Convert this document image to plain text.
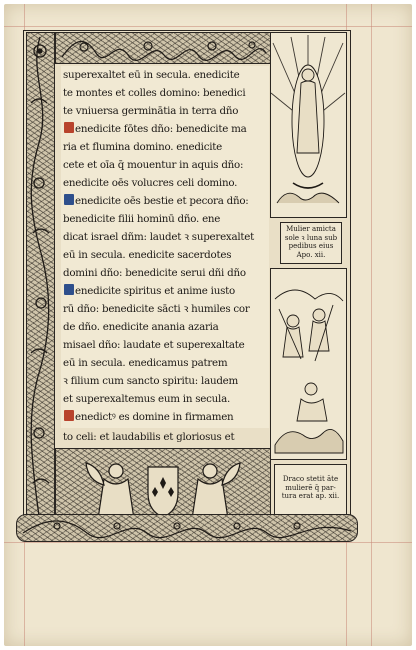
superexaltet eū in secula. enedicite
te montes et colles domino: benedici
te vniuersa germinātia in terra dño
enedicite fōtes dño: benedicite ma
ria et flumina domino. enedicite
cete et oīa q̄ mouentur in aquis dño:
enedicite oēs volucres celi domino.
enedicite oēs bestie et pecora dño:
benedicite filii hominū dño. ene
dicat israel dñm: laudet ꝛ superexaltet
eū in secula. enedicite sacerdotes
domini dño: benedicite serui dñi dño
enedicite spiritus et anime iusto
rū dño: benedicite sācti ꝛ humiles cor
de dño. enedicite anania azaria
misael dño: laudate et superexaltate
eū in secula. enedicamus patrem
ꝛ filium cum sancto spiritu: laudem
et superexaltemus eum in secula.
enedictꝰ es domine in firmamen
to celi: et laudabilis et gloriosus et
Mulier amicta
sole ꝛ luna sub
pedibus eius
Apo. xii.
Draco stetit āte
mulierē q̄ par-
tura erat ap. xii.
